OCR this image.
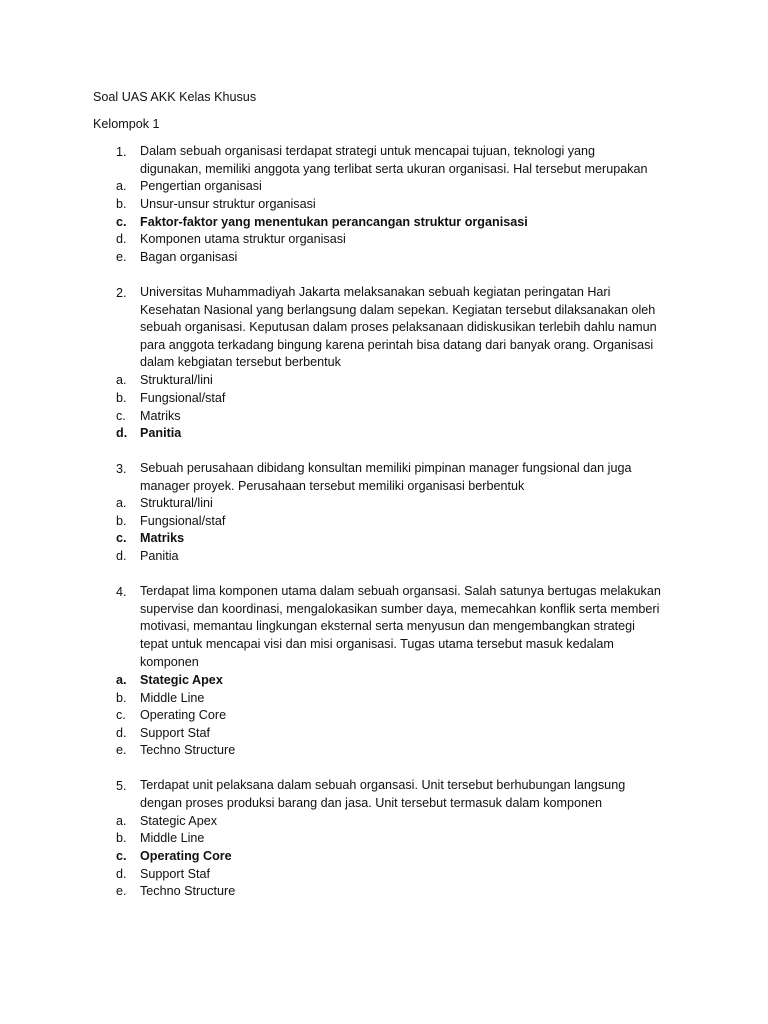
Soal UAS AKK Kelas Khusus
Kelompok 1
1.	Dalam sebuah organisasi terdapat strategi untuk mencapai tujuan, teknologi yang
digunakan, memiliki anggota yang terlibat serta ukuran organisasi. Hal tersebut merupakan
a. Pengertian organisasi
b. Unsur-unsur struktur organisasi
c. Faktor-faktor yang menentukan perancangan struktur organisasi
d. Komponen utama struktur organisasi
e. Bagan organisasi
2.	Universitas Muhammadiyah Jakarta melaksanakan sebuah kegiatan peringatan Hari
Kesehatan Nasional yang berlangsung dalam sepekan. Kegiatan tersebut dilaksanakan oleh
sebuah organisasi. Keputusan dalam proses pelaksanaan didiskusikan terlebih dahlu namun
para anggota terkadang bingung karena perintah bisa datang dari banyak orang. Organisasi
dalam kebgiatan tersebut berbentuk
a. Struktural/lini
b. Fungsional/staf
c. Matriks
d. Panitia
3.	Sebuah perusahaan dibidang konsultan memiliki pimpinan manager fungsional dan juga
manager proyek. Perusahaan tersebut memiliki organisasi berbentuk
a. Struktural/lini
b. Fungsional/staf
c. Matriks
d. Panitia
4.	Terdapat lima komponen utama dalam sebuah organsasi. Salah satunya bertugas melakukan
supervise dan koordinasi, mengalokasikan sumber daya, memecahkan konflik serta memberi
motivasi, memantau lingkungan eksternal serta menyusun dan mengembangkan strategi
tepat untuk mencapai visi dan misi organisasi. Tugas utama tersebut masuk kedalam
komponen
a. Stategic Apex
b. Middle Line
c. Operating Core
d. Support Staf
e. Techno Structure
5.	Terdapat unit pelaksana dalam sebuah organsasi. Unit tersebut berhubungan langsung
dengan proses produksi barang dan jasa. Unit tersebut termasuk dalam komponen
a. Stategic Apex
b. Middle Line
c. Operating Core
d. Support Staf
e. Techno Structure
